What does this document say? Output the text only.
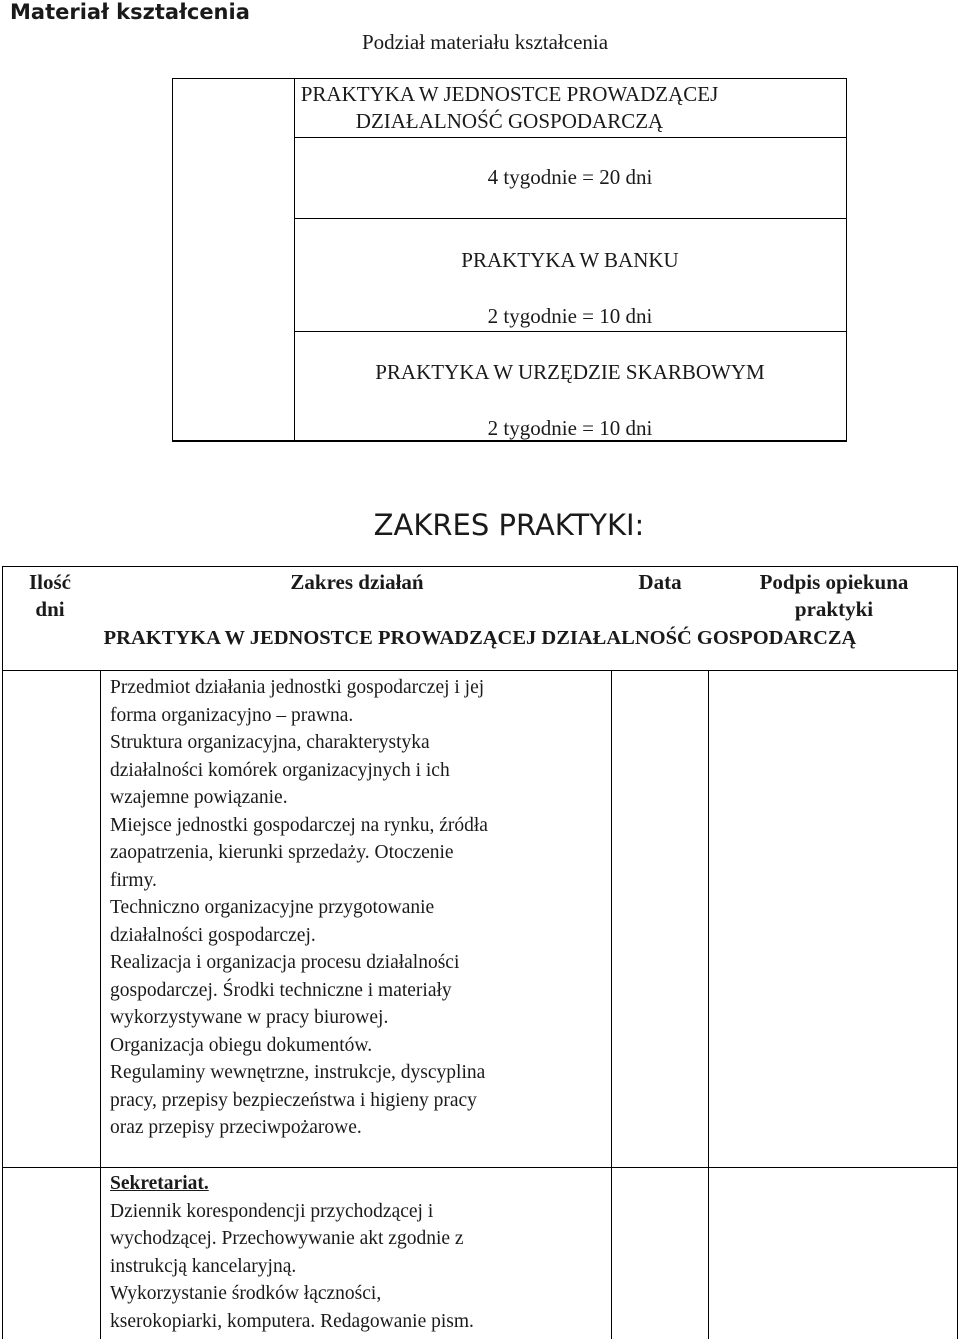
Materiał kształcenia
Podział materiału kształcenia
PRAKTYKA W JEDNOSTCE PROWADZĄCEJ
DZIAŁALNOŚĆ GOSPODARCZĄ
4 tygodnie = 20 dni
PRAKTYKA W BANKU
2 tygodnie = 10 dni
PRAKTYKA W URZĘDZIE SKARBOWYM
2 tygodnie = 10 dni
ZAKRES PRAKTYKI:
Ilość
dni
Zakres działań	Data	Podpis opiekuna
praktyki
PRAKTYKA W JEDNOSTCE PROWADZĄCEJ DZIAŁALNOŚĆ GOSPODARCZĄ

Przedmiot działania jednostki gospodarczej i jej

forma organizacyjno – prawna.

Struktura organizacyjna, charakterystyka

działalności komórek organizacyjnych i ich

wzajemne powiązanie.

Miejsce jednostki gospodarczej na rynku, źródła

zaopatrzenia, kierunki sprzedaży. Otoczenie

firmy.

Techniczno organizacyjne przygotowanie

działalności gospodarczej.

Realizacja i organizacja procesu działalności

gospodarczej. Środki techniczne i materiały

wykorzystywane w pracy biurowej.

Organizacja obiegu dokumentów.

Regulaminy wewnętrzne, instrukcje, dyscyplina

pracy, przepisy bezpieczeństwa i higieny pracy

oraz przepisy przeciwpożarowe.

Sekretariat.

Dziennik korespondencji przychodzącej i

wychodzącej. Przechowywanie akt zgodnie z

instrukcją kancelaryjną.

Wykorzystanie środków łączności,

kserokopiarki, komputera. Redagowanie pism.
